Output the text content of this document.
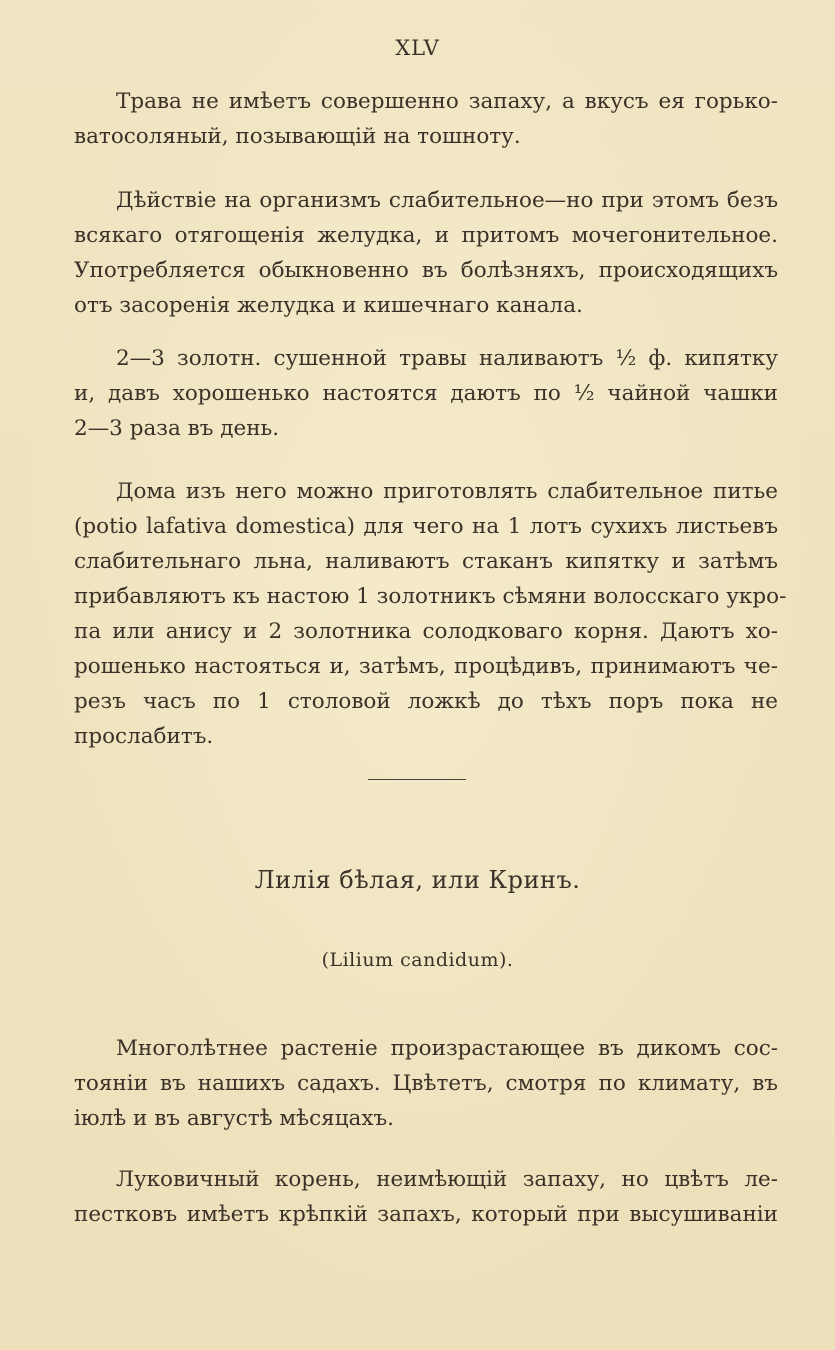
XLV
Трава не имѣетъ совершенно запаху, а вкусъ ея горько-
ватосоляный, позывающій на тошноту.
Дѣйствіе на организмъ слабительное—но при этомъ безъ
всякаго отягощенія желудка, и притомъ мочегонительное.
Употребляется обыкновенно въ болѣзняхъ, происходящихъ
отъ засоренія желудка и кишечнаго канала.
2—3 золотн. сушенной травы наливаютъ ½ ф. кипятку
и, давъ хорошенько настоятся даютъ по ½ чайной чашки
2—3 раза въ день.
Дома изъ него можно приготовлять слабительное питье
(potio lafativa domestica) для чего на 1 лотъ сухихъ листьевъ
слабительнаго льна, наливаютъ стаканъ кипятку и затѣмъ
прибавляютъ къ настою 1 золотникъ сѣмяни волосскаго укро-
па или анису и 2 золотника солодковаго корня. Даютъ хо-
рошенько настояться и, затѣмъ, процѣдивъ, принимаютъ че-
резъ часъ по 1 столовой ложкѣ до тѣхъ поръ пока не
прослабитъ.
Лилія бѣлая, или Кринъ.
(Lilium candidum).
Многолѣтнее растеніе произрастающее въ дикомъ сос-
тояніи въ нашихъ садахъ. Цвѣтетъ, смотря по климату, въ
іюлѣ и въ августѣ мѣсяцахъ.
Луковичный корень, неимѣющій запаху, но цвѣтъ ле-
пестковъ имѣетъ крѣпкій запахъ, который при высушиваніи
